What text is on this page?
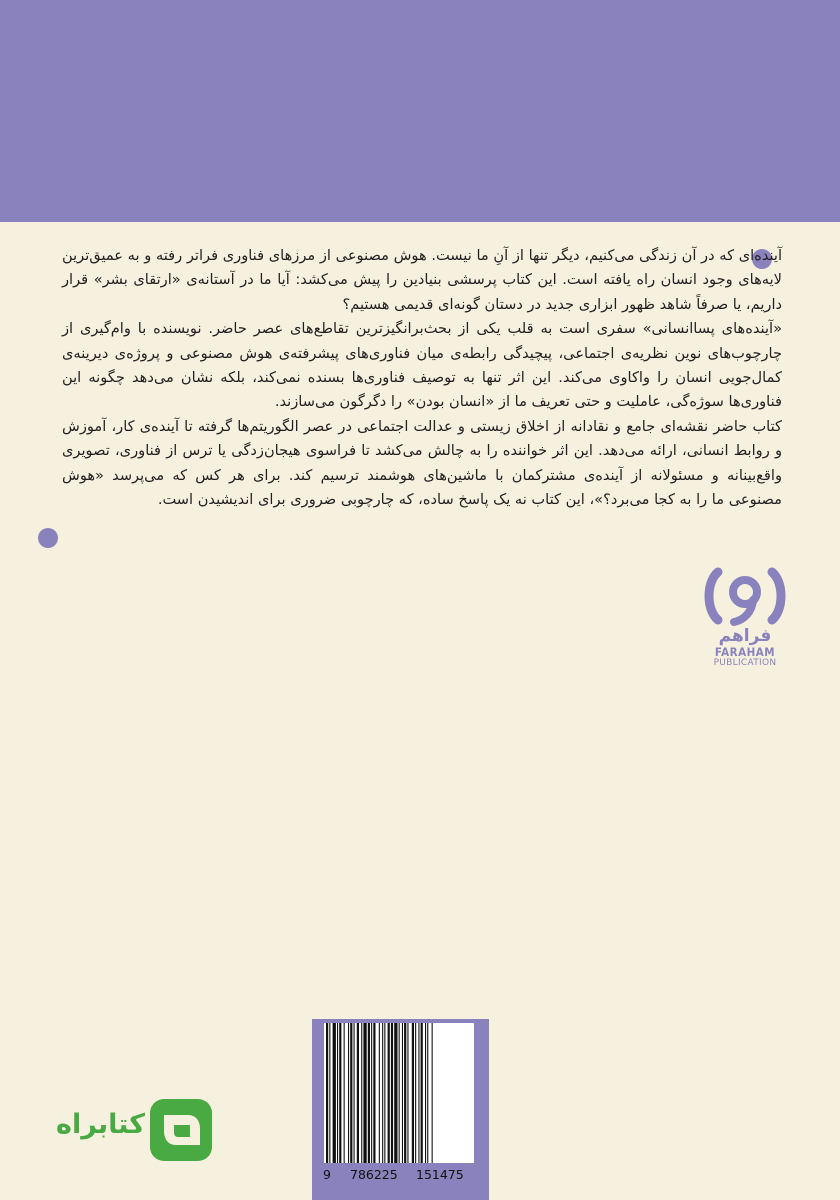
آینده‌ای که در آن زندگی می‌کنیم، دیگر تنها از آنِ ما نیست. هوش مصنوعی از مرزهای فناوری فراتر رفته و به عمیق‌ترین لایه‌های وجود انسان راه یافته است. این کتاب پرسشی بنیادین را پیش می‌کشد: آیا ما در آستانه‌ی «ارتقای بشر» قرار داریم، یا صرفاً شاهد ظهور ابزاری جدید در دستان گونه‌ای قدیمی هستیم؟

«آینده‌های پسا‌انسانی» سفری است به قلب یکی از بحث‌برانگیزترین تقاطع‌های عصر حاضر. نویسنده با وام‌گیری از چارچوب‌های نوین نظریه‌ی اجتماعی، پیچیدگی رابطه‌ی میان فناوری‌های پیشرفته‌ی هوش مصنوعی و پروژه‌ی دیرینه‌ی کمال‌جویی انسان را واکاوی می‌کند. این اثر تنها به توصیف فناوری‌ها بسنده نمی‌کند، بلکه نشان می‌دهد چگونه این فناوری‌ها سوژه‌گی، عاملیت و حتی تعریف ما از «انسان بودن» را دگرگون می‌سازند.

کتاب حاضر نقشه‌ای جامع و نقادانه از اخلاق زیستی و عدالت اجتماعی در عصر الگوریتم‌ها گرفته تا آینده‌ی کار، آموزش و روابط انسانی، ارائه می‌دهد. این اثر خواننده را به چالش می‌کشد تا فراسوی هیجان‌زدگی یا ترس از فناوری، تصویری واقع‌بینانه و مسئولانه از آینده‌ی مشترکمان با ماشین‌های هوشمند ترسیم کند. برای هر کس که می‌پرسد «هوش مصنوعی ما را به کجا می‌برد؟»، این کتاب نه یک پاسخ ساده، که چارچوبی ضروری برای اندیشیدن است.

فراهم
FARAHAM
PUBLICATION
9 786225 151475
کتابراه
